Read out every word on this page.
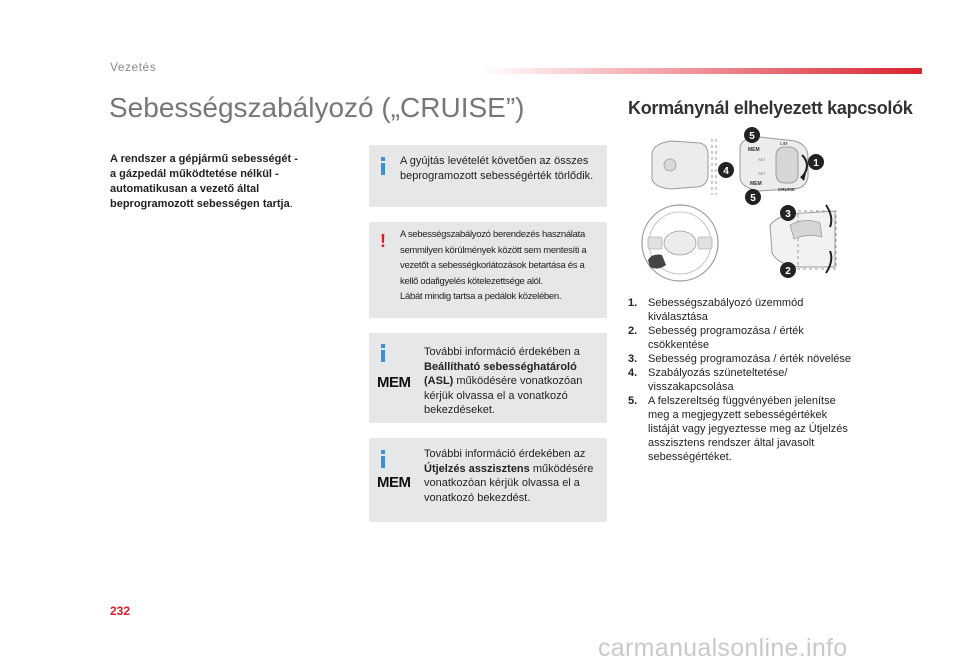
Vezetés
Sebességszabályozó („CRUISE”)	Kormánynál elhelyezett kapcsolók
A rendszer a gépjármű sebességét -
a gázpedál működtetése nélkül -
automatikusan a vezető által
beprogramozott sebességen tartja.
A gyújtás levételét követően az összes
beprogramozott sebességérték törlődik.
! A sebességszabályozó berendezés használata
semmilyen körülmények között sem mentesíti a
vezetőt a sebességkorlátozások betartása és a
kellő odafigyelés kötelezettsége alól.
Lábát mindig tartsa a pedálok közelében.
MEM
További információ érdekében a
Beállítható sebességhatároló
(ASL) működésére vonatkozóan
kérjük olvassa el a vonatkozó
bekezdéseket.
MEM
További információ érdekében az
Útjelzés asszisztens működésére
vonatkozóan kérjük olvassa el a
vonatkozó bekezdést.
MEM
MEM
LIM
CRUISE
SET
SET
1
2
3
4
5
5
1. Sebességszabályozó üzemmód
kiválasztása
2. Sebesség programozása / érték
csökkentése
3. Sebesség programozása / érték növelése
4. Szabályozás szüneteltetése/
visszakapcsolása
5. A felszereltség függvényében jelenítse
meg a megjegyzett sebességértékek
listáját vagy jegyeztesse meg az Útjelzés
asszisztens rendszer által javasolt
sebességértéket.
232
carmanualsonline.info
